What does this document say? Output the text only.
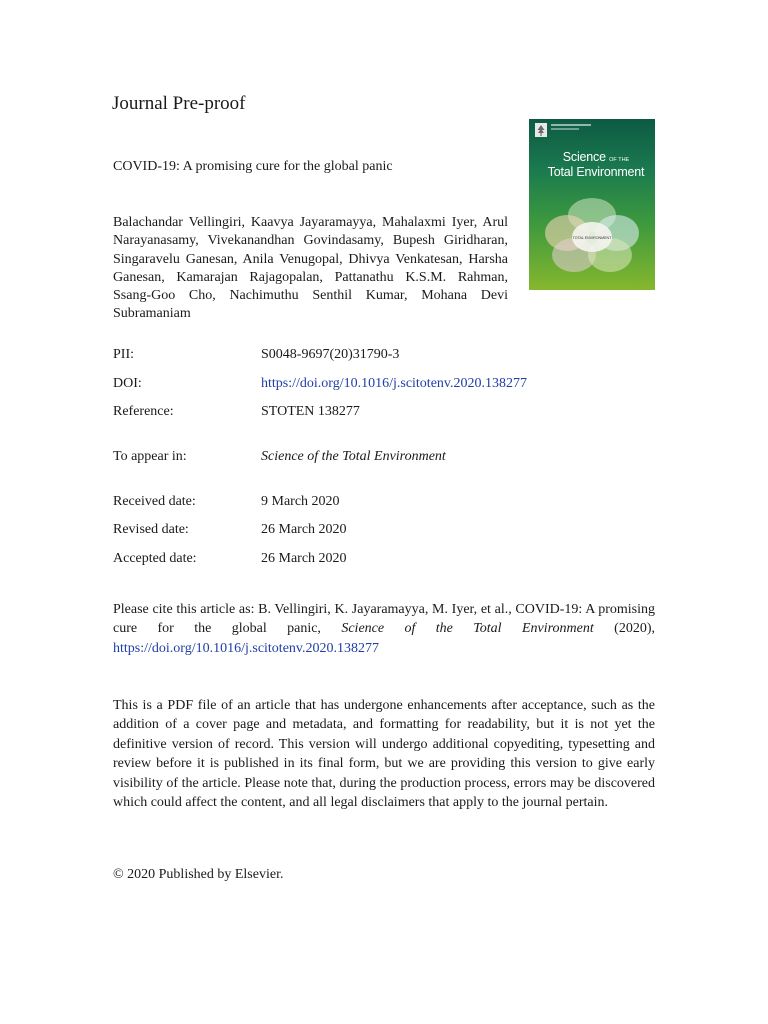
Journal Pre-proof
COVID-19: A promising cure for the global panic
Balachandar Vellingiri, Kaavya Jayaramayya, Mahalaxmi Iyer, Arul Narayanasamy, Vivekanandhan Govindasamy, Bupesh Giridharan, Singaravelu Ganesan, Anila Venugopal, Dhivya Venkatesan, Harsha Ganesan, Kamarajan Rajagopalan, Pattanathu K.S.M. Rahman, Ssang-Goo Cho, Nachimuthu Senthil Kumar, Mohana Devi Subramaniam
Science OF THE
Total Environment
TOTAL ENVIRONMENT
PII:	S0048-9697(20)31790-3
DOI:	https://doi.org/10.1016/j.scitotenv.2020.138277
Reference:	STOTEN 138277
To appear in:	Science of the Total Environment
Received date:	9 March 2020
Revised date:	26 March 2020
Accepted date:	26 March 2020
Please cite this article as: B. Vellingiri, K. Jayaramayya, M. Iyer, et al., COVID-19: A promising cure for the global panic, Science of the Total Environment (2020), https://doi.org/10.1016/j.scitotenv.2020.138277
This is a PDF file of an article that has undergone enhancements after acceptance, such as the addition of a cover page and metadata, and formatting for readability, but it is not yet the definitive version of record. This version will undergo additional copyediting, typesetting and review before it is published in its final form, but we are providing this version to give early visibility of the article. Please note that, during the production process, errors may be discovered which could affect the content, and all legal disclaimers that apply to the journal pertain.
© 2020 Published by Elsevier.
